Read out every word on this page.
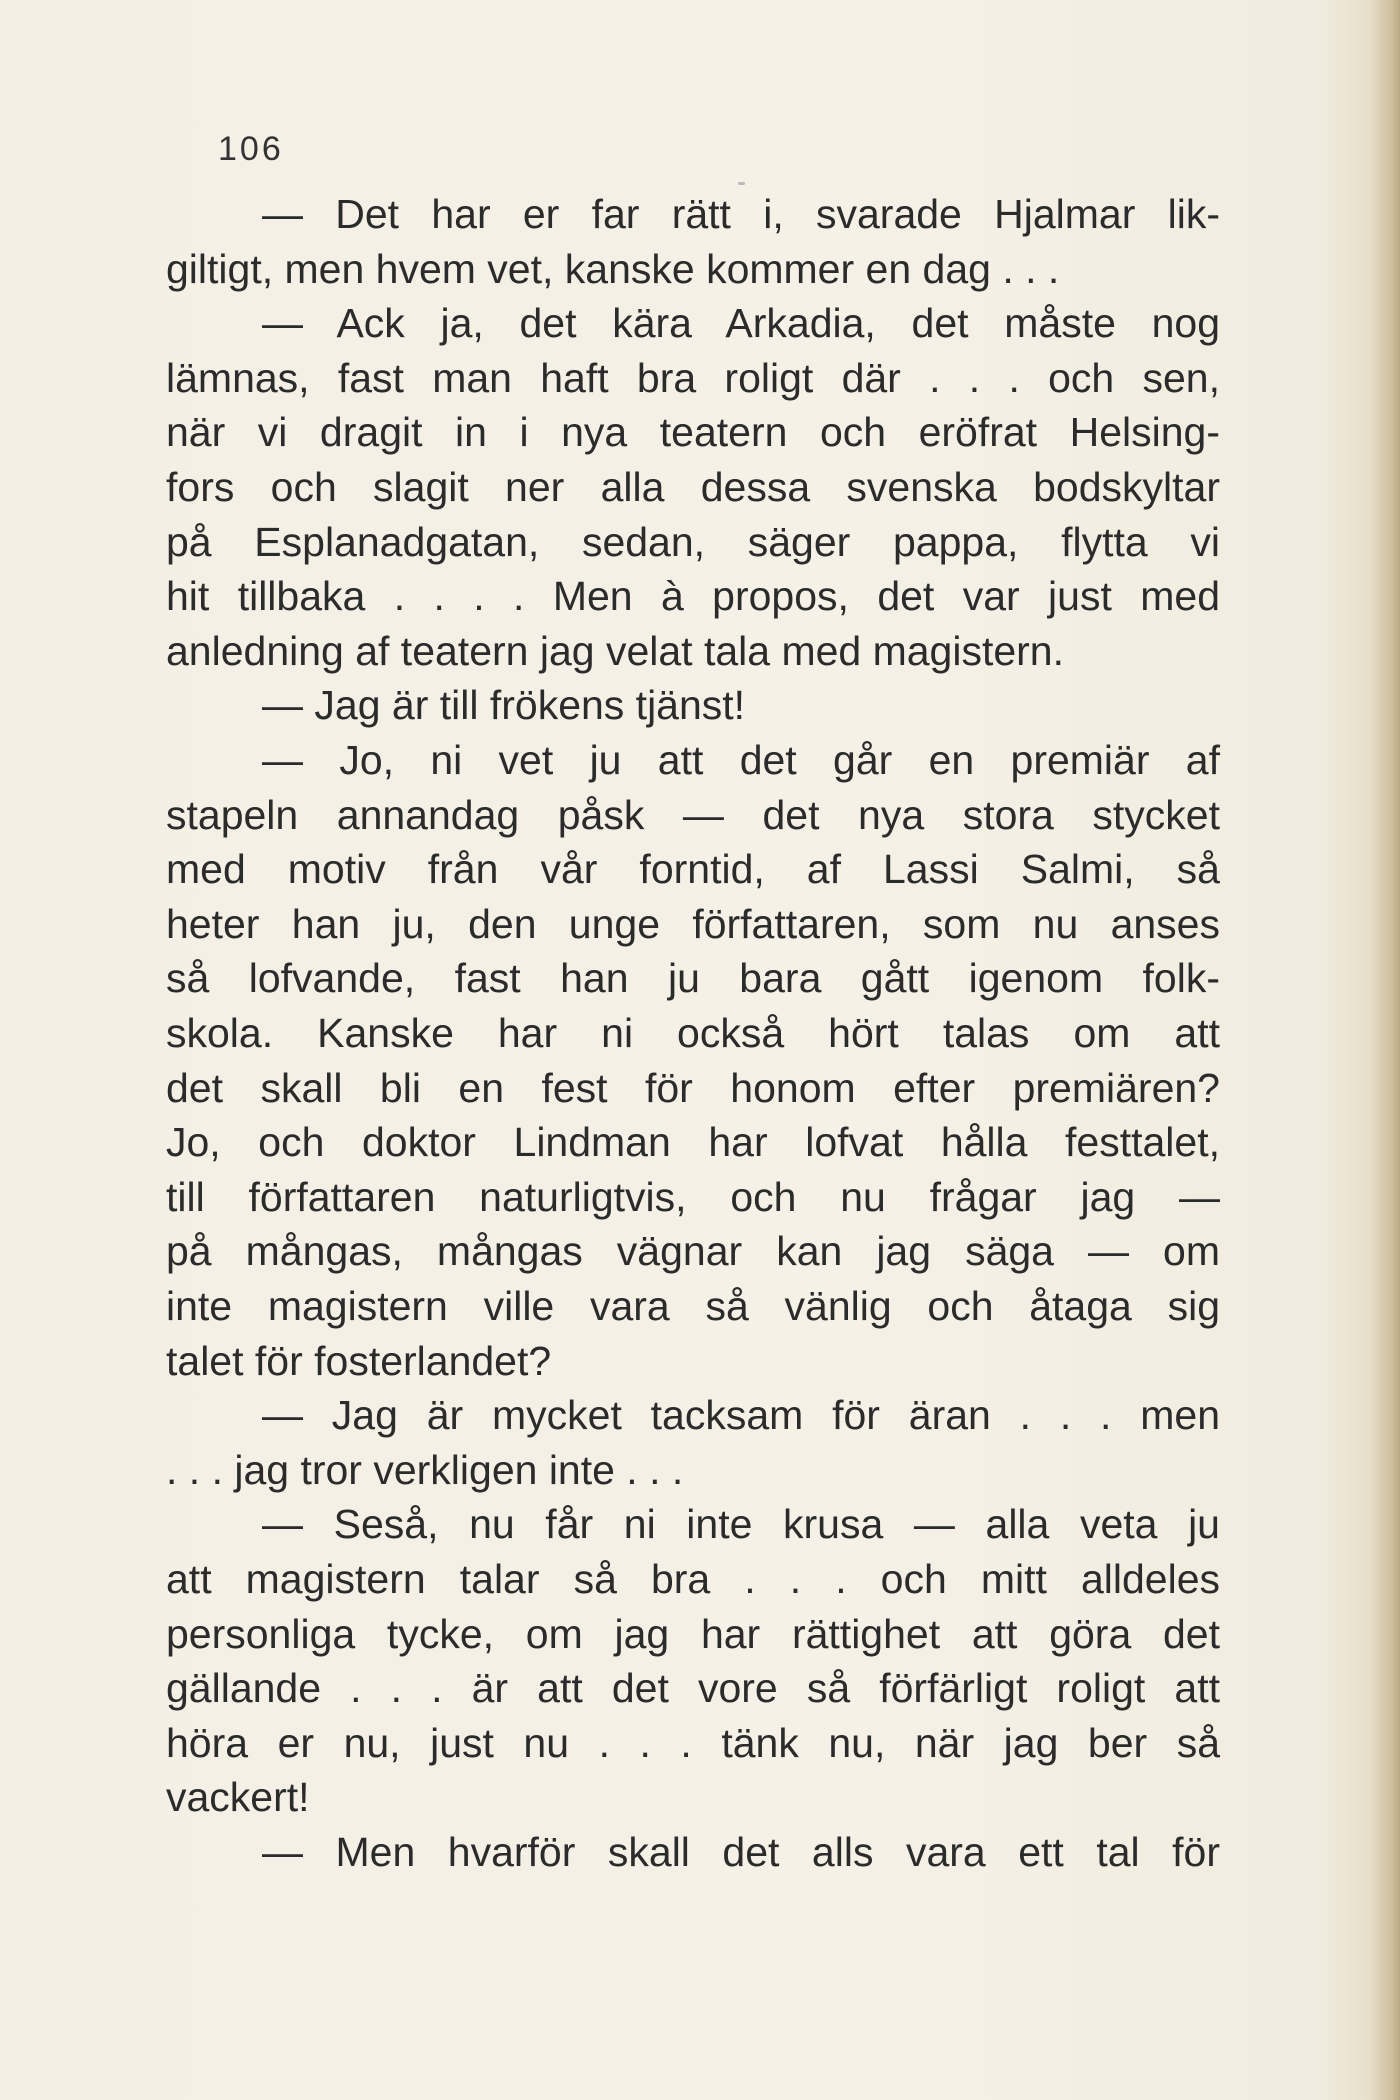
106
— Det har er far rätt i, svarade Hjalmar lik-
giltigt, men hvem vet, kanske kommer en dag . . .
— Ack ja, det kära Arkadia, det måste nog
lämnas, fast man haft bra roligt där . . . och sen,
när vi dragit in i nya teatern och eröfrat Helsing-
fors och slagit ner alla dessa svenska bodskyltar
på Esplanadgatan, sedan, säger pappa, flytta vi
hit tillbaka . . . . Men à propos, det var just med
anledning af teatern jag velat tala med magistern.
— Jag är till frökens tjänst!
— Jo, ni vet ju att det går en premiär af
stapeln annandag påsk — det nya stora stycket
med motiv från vår forntid, af Lassi Salmi, så
heter han ju, den unge författaren, som nu anses
så lofvande, fast han ju bara gått igenom folk-
skola. Kanske har ni också hört talas om att
det skall bli en fest för honom efter premiären?
Jo, och doktor Lindman har lofvat hålla festtalet,
till författaren naturligtvis, och nu frågar jag —
på mångas, mångas vägnar kan jag säga — om
inte magistern ville vara så vänlig och åtaga sig
talet för fosterlandet?
— Jag är mycket tacksam för äran . . . men
. . . jag tror verkligen inte . . .
— Seså, nu får ni inte krusa — alla veta ju
att magistern talar så bra . . . och mitt alldeles
personliga tycke, om jag har rättighet att göra det
gällande . . . är att det vore så förfärligt roligt att
höra er nu, just nu . . . tänk nu, när jag ber så
vackert!
— Men hvarför skall det alls vara ett tal för
